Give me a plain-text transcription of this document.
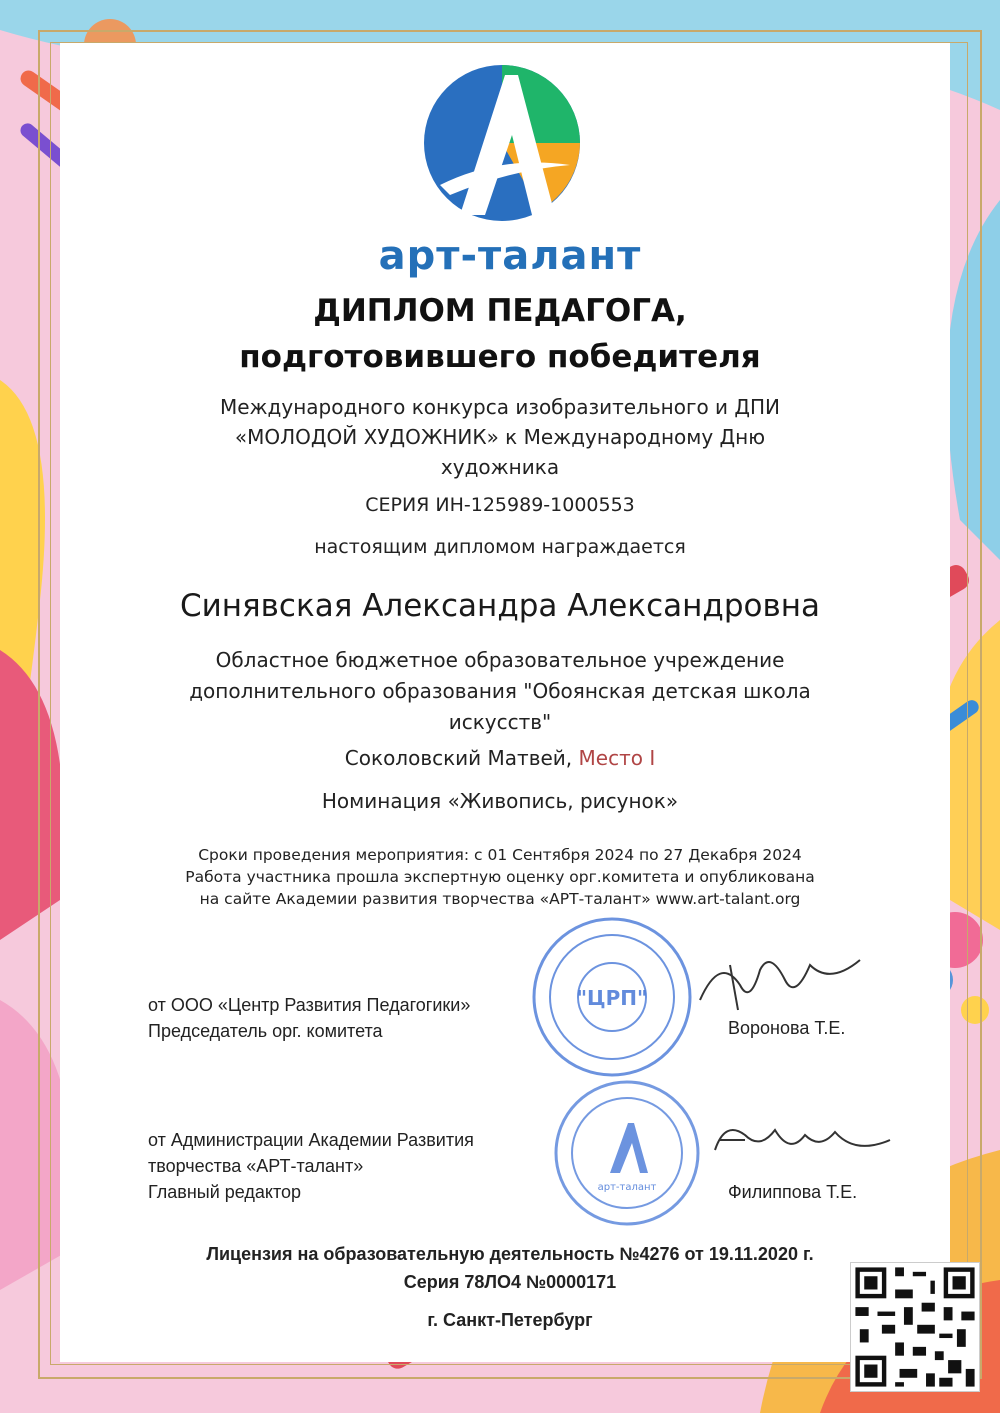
арт-талант
ДИПЛОМ ПЕДАГОГА,
подготовившего победителя
Международного конкурса изобразительного и ДПИ
«МОЛОДОЙ ХУДОЖНИК» к Международному Дню
художника
СЕРИЯ ИН-125989-1000553
настоящим дипломом награждается
Синявская Александра Александровна
Областное бюджетное образовательное учреждение
дополнительного образования "Обоянская детская школа
искусств"
Соколовский Матвей, Место I
Номинация «Живопись, рисунок»
Сроки проведения мероприятия: с 01 Сентября 2024 по 27 Декабря 2024
Работа участника прошла экспертную оценку орг.комитета и опубликована
на сайте Академии развития творчества «АРТ-талант» www.art-talant.org
"ЦРП"
от ООО «Центр Развития Педагогики»
Председатель орг. комитета	Воронова Т.Е.
арт-талант
от Администрации Академии Развития
творчества «АРТ-талант»
Главный редактор	Филиппова Т.Е.
Лицензия на образовательную деятельность №4276 от 19.11.2020 г.
Серия 78ЛО4 №0000171
г. Санкт-Петербург
